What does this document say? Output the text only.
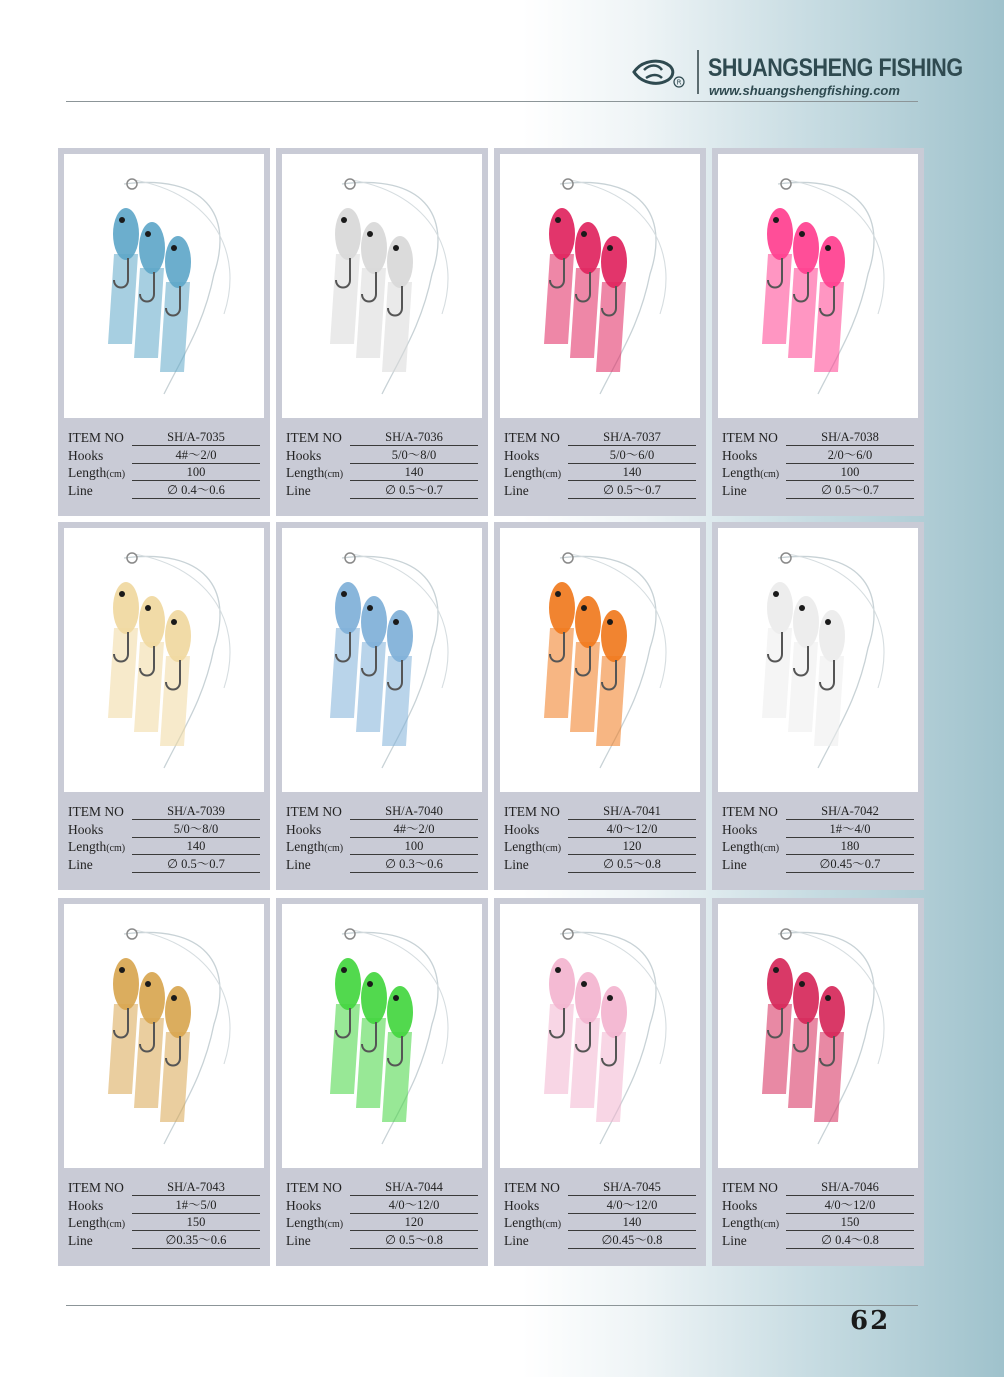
R
SHUANGSHENG FISHING
www.shuangshengfishing.com
ITEM NO	SH/A-7035
Hooks	4#～2/0
Length(cm)	100
Line	∅ 0.4～0.6
ITEM NO	SH/A-7036
Hooks	5/0～8/0
Length(cm)	140
Line	∅ 0.5～0.7
ITEM NO	SH/A-7037
Hooks	5/0～6/0
Length(cm)	140
Line	∅ 0.5～0.7
ITEM NO	SH/A-7038
Hooks	2/0～6/0
Length(cm)	100
Line	∅ 0.5～0.7
ITEM NO	SH/A-7039
Hooks	5/0～8/0
Length(cm)	140
Line	∅ 0.5～0.7
ITEM NO	SH/A-7040
Hooks	4#～2/0
Length(cm)	100
Line	∅ 0.3～0.6
ITEM NO	SH/A-7041
Hooks	4/0～12/0
Length(cm)	120
Line	∅ 0.5～0.8
ITEM NO	SH/A-7042
Hooks	1#～4/0
Length(cm)	180
Line	∅0.45～0.7
ITEM NO	SH/A-7043
Hooks	1#～5/0
Length(cm)	150
Line	∅0.35～0.6
ITEM NO	SH/A-7044
Hooks	4/0～12/0
Length(cm)	120
Line	∅ 0.5～0.8
ITEM NO	SH/A-7045
Hooks	4/0～12/0
Length(cm)	140
Line	∅0.45～0.8
ITEM NO	SH/A-7046
Hooks	4/0～12/0
Length(cm)	150
Line	∅ 0.4～0.8
62
